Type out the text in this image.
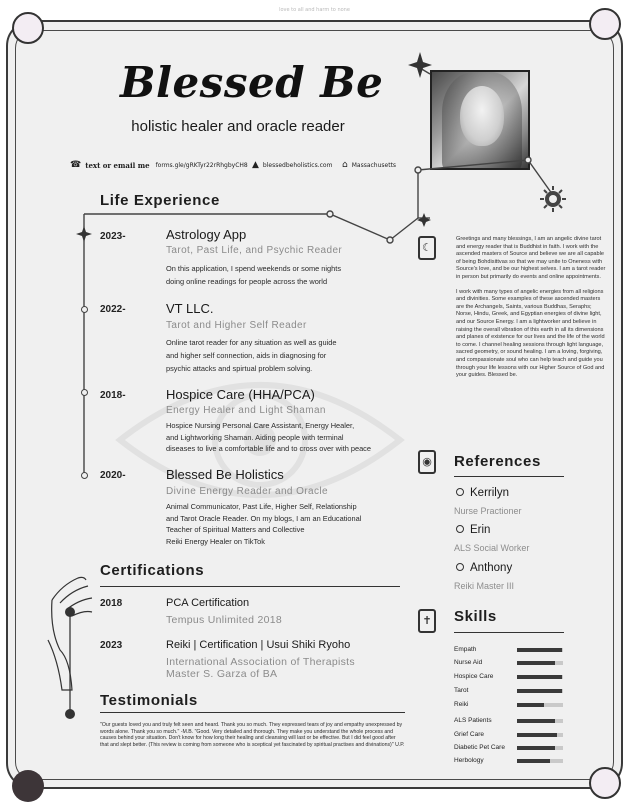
love to all and harm to none
Blessed Be
holistic healer and oracle reader
☎ text or email me forms.gle/gRKTyr22rRhgbyCH8 ▲ blessedbeholistics.com ⌂ Massachusetts
Life Experience
2023-	Astrology App
Tarot, Past Life, and Psychic Reader

On this application, I spend weekends or some nights

doing online readings for people across the world

2022-	VT LLC.
Tarot and Higher Self Reader

Online tarot reader for any situation as well as guide

and higher self connection, aids in diagnosing for

psychic attacks and spirtual problem solving.

2018-	Hospice Care (HHA/PCA)
Energy Healer and Light Shaman

Hospice Nursing Personal Care Assistant, Energy Healer,

and Lightworking Shaman. Aiding people with terminal

diseases to live a comfortable life and to cross over with peace

2020-	Blessed Be Holistics
Divine Energy Reader and Oracle

Animal Communicator, Past Life, Higher Self, Relationship

and Tarot Oracle Reader. On my blogs, I am an Educational

Teacher of Spiritual Matters and Collective

Reiki Energy Healer on TikTok

☾

Greetings and many blessings, I am an angelic divine tarot and energy reader that is Buddhist in faith. I work with the ascended masters of Source and believe we are all capable of being Bohdisittvas so that we may unite to Oneness with Source's love, and be our highest selves. I am a tarot reader in person but primarily do events and online appointments.

I work with many types of angelic energies from all religions and divinities. Some examples of these ascended masters are the Archangels, Saints, various Buddhas, Seraphs; Norse, Hindu, Greek, and Egyptian energies of divine light, and our Source Energy. I am a lightworker and believe in raising the overall vibration of this earth in all its dimensions and planes of existence for our lives and the life of the world to come. I channel healing sessions through light language, sacred geometry, or sound healing. I am a loving, forgiving, and compassionate soul who can help teach and guide you through your life lessons with our Higher Source of God and your guides. Blessed be.

◉ References
Kerrilyn
Nurse Practioner
Erin
ALS Social Worker
Anthony
Reiki Master III
✝ Skills
Empath
Nurse Aid
Hospice Care
Tarot
Reiki
ALS Patients
Grief Care
Diabetic Pet Care
Herbology
Certifications
2018	PCA Certification
Tempus Unlimited 2018
2023	Reiki | Certification | Usui Shiki Ryoho
International Association of Therapists
Master S. Garza of BA
Testimonials
"Our guests loved you and truly felt seen and heard. Thank you so much. They expressed tears of joy and empathy unexpressed by words alone. Thank you so much." -M.B. "Good. Very detailed and thorough. They make you understand the whole process and causes behind your situation. Don't know for how long their healing and cleansing will last or be effective. But I did feel good after that and slept better. (This review is coming from someone who is sceptical yet fascinated by spiritual practises and divinations)" U.P.
